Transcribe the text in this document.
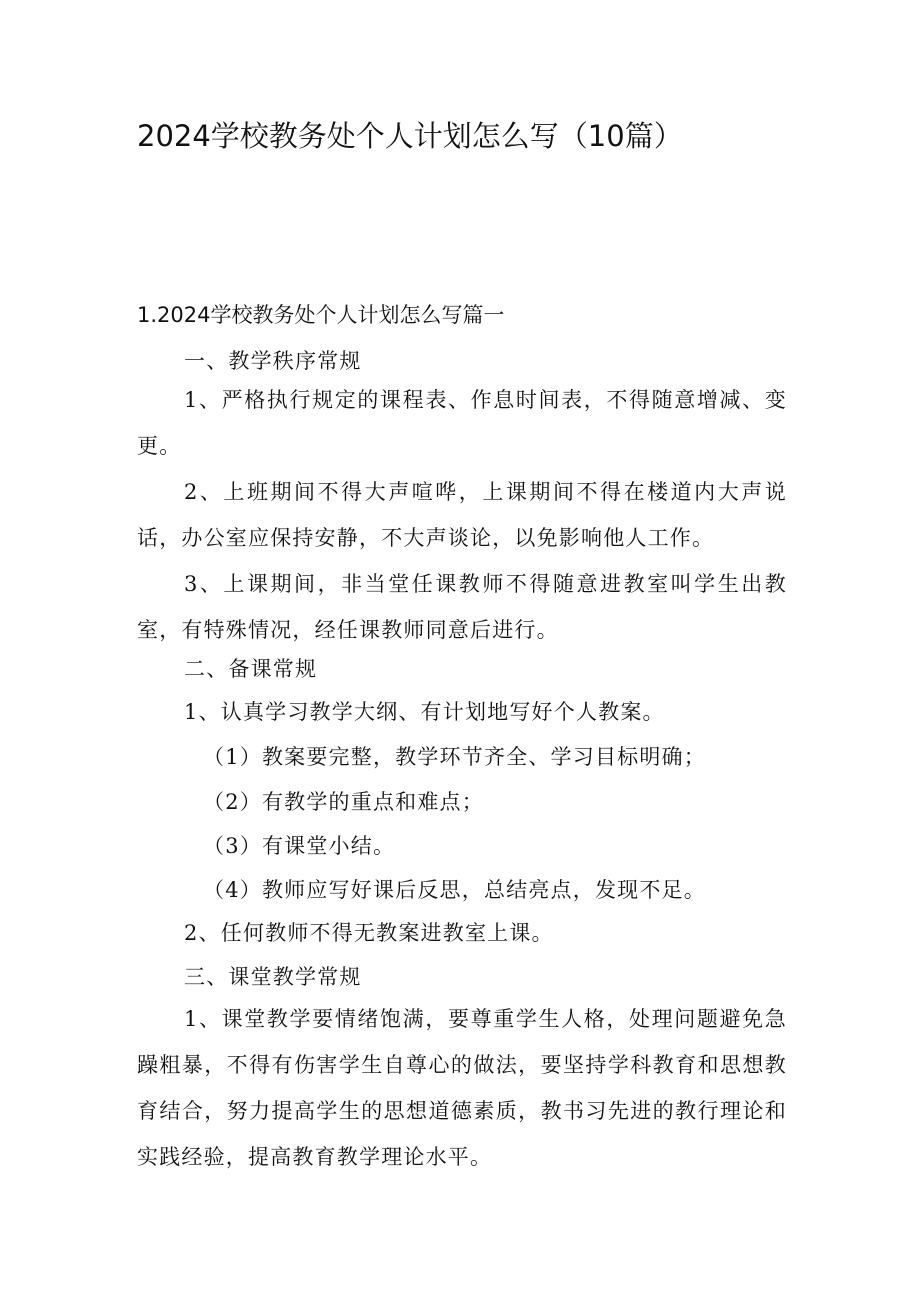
2024学校教务处个人计划怎么写（10篇）
1.2024学校教务处个人计划怎么写篇一

一、教学秩序常规

1、严格执行规定的课程表、作息时间表，不得随意增减、变更。

2、上班期间不得大声喧哗，上课期间不得在楼道内大声说话，办公室应保持安静，不大声谈论，以免影响他人工作。

3、上课期间，非当堂任课教师不得随意进教室叫学生出教室，有特殊情况，经任课教师同意后进行。

二、备课常规

1、认真学习教学大纲、有计划地写好个人教案。

（1）教案要完整，教学环节齐全、学习目标明确；

（2）有教学的重点和难点；

（3）有课堂小结。

（4）教师应写好课后反思，总结亮点，发现不足。

2、任何教师不得无教案进教室上课。

三、课堂教学常规

1、课堂教学要情绪饱满，要尊重学生人格，处理问题避免急躁粗暴，不得有伤害学生自尊心的做法，要坚持学科教育和思想教育结合，努力提高学生的思想道德素质，教书习先进的教行理论和实践经验，提高教育教学理论水平。
